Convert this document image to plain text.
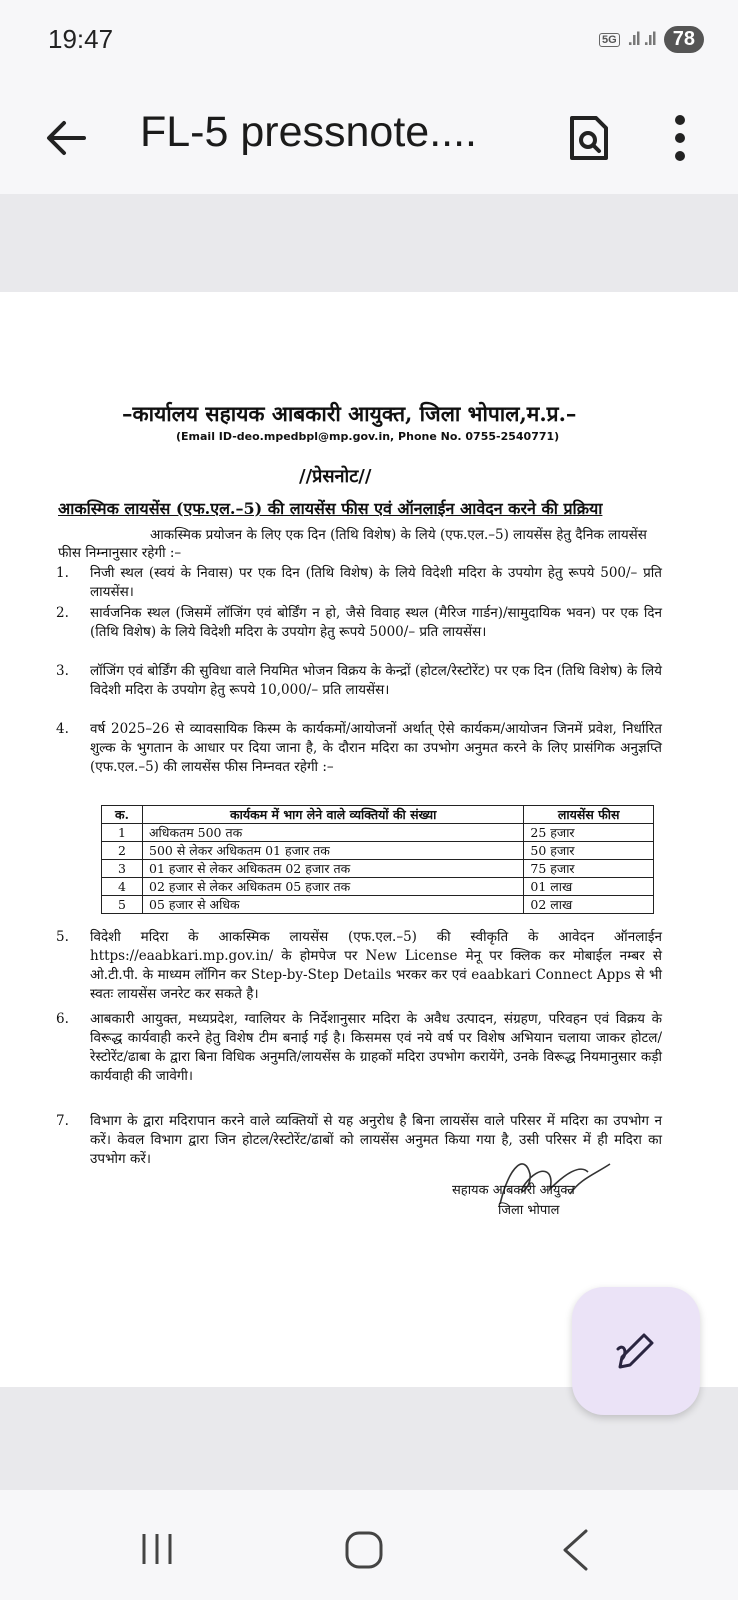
19:47	5G .ıl .ıl 78
FL-5 pressnote....
–कार्यालय सहायक आबकारी आयुक्त, जिला भोपाल,म.प्र.–
(Email ID-deo.mpedbpl@mp.gov.in, Phone No. 0755-2540771)
//प्रेसनोट//
आकस्मिक लायसेंस (एफ.एल.–5) की लायसेंस फीस एवं ऑनलाईन आवेदन करने की प्रक्रिया
आकस्मिक प्रयोजन के लिए एक दिन (तिथि विशेष) के लिये (एफ.एल.–5) लायसेंस हेतु दैनिक लायसेंस फीस निम्नानुसार रहेगी :–
1. निजी स्थल (स्वयं के निवास) पर एक दिन (तिथि विशेष) के लिये विदेशी मदिरा के उपयोग हेतु रूपये 500/– प्रति लायसेंस।
2. सार्वजनिक स्थल (जिसमें लॉजिंग एवं बोर्डिंग न हो, जैसे विवाह स्थल (मैरिज गार्डन)/सामुदायिक भवन) पर एक दिन (तिथि विशेष) के लिये विदेशी मदिरा के उपयोग हेतु रूपये 5000/– प्रति लायसेंस।
3. लॉजिंग एवं बोर्डिंग की सुविधा वाले नियमित भोजन विक्रय के केन्द्रों (होटल/रेस्टोरेंट) पर एक दिन (तिथि विशेष) के लिये विदेशी मदिरा के उपयोग हेतु रूपये 10,000/– प्रति लायसेंस।
4. वर्ष 2025–26 से व्यावसायिक किस्म के कार्यकमों/आयोजनों अर्थात् ऐसे कार्यकम/आयोजन जिनमें प्रवेश, निर्धारित शुल्क के भुगतान के आधार पर दिया जाना है, के दौरान मदिरा का उपभोग अनुमत करने के लिए प्रासंगिक अनुज्ञप्ति (एफ.एल.–5) की लायसेंस फीस निम्नवत रहेगी :–
क.	कार्यकम में भाग लेने वाले व्यक्तियों की संख्या	लायसेंस फीस
1	अधिकतम 500 तक	25 हजार
2	500 से लेकर अधिकतम 01 हजार तक	50 हजार
3	01 हजार से लेकर अधिकतम 02 हजार तक	75 हजार
4	02 हजार से लेकर अधिकतम 05 हजार तक	01 लाख
5	05 हजार से अधिक	02 लाख
5. विदेशी मदिरा के आकस्मिक लायसेंस (एफ.एल.–5) की स्वीकृति के आवेदन ऑनलाईन https://eaabkari.mp.gov.in/ के होमपेज पर New License मेनू पर क्लिक कर मोबाईल नम्बर से ओ.टी.पी. के माध्यम लॉगिन कर Step-by-Step Details भरकर कर एवं eaabkari Connect Apps से भी स्वतः लायसेंस जनरेट कर सकते है।
6. आबकारी आयुक्त, मध्यप्रदेश, ग्वालियर के निर्देशानुसार मदिरा के अवैध उत्पादन, संग्रहण, परिवहन एवं विक्रय के विरूद्ध कार्यवाही करने हेतु विशेष टीम बनाई गई है। किसमस एवं नये वर्ष पर विशेष अभियान चलाया जाकर होटल/रेस्टोरेंट/ढाबा के द्वारा बिना विधिक अनुमति/लायसेंस के ग्राहकों मदिरा उपभोग करायेंगे, उनके विरूद्ध नियमानुसार कड़ी कार्यवाही की जावेगी।
7. विभाग के द्वारा मदिरापान करने वाले व्यक्तियों से यह अनुरोध है बिना लायसेंस वाले परिसर में मदिरा का उपभोग न करें। केवल विभाग द्वारा जिन होटल/रेस्टोरेंट/ढाबों को लायसेंस अनुमत किया गया है, उसी परिसर में ही मदिरा का उपभोग करें।
सहायक आबकारी आयुक्त
जिला भोपाल
